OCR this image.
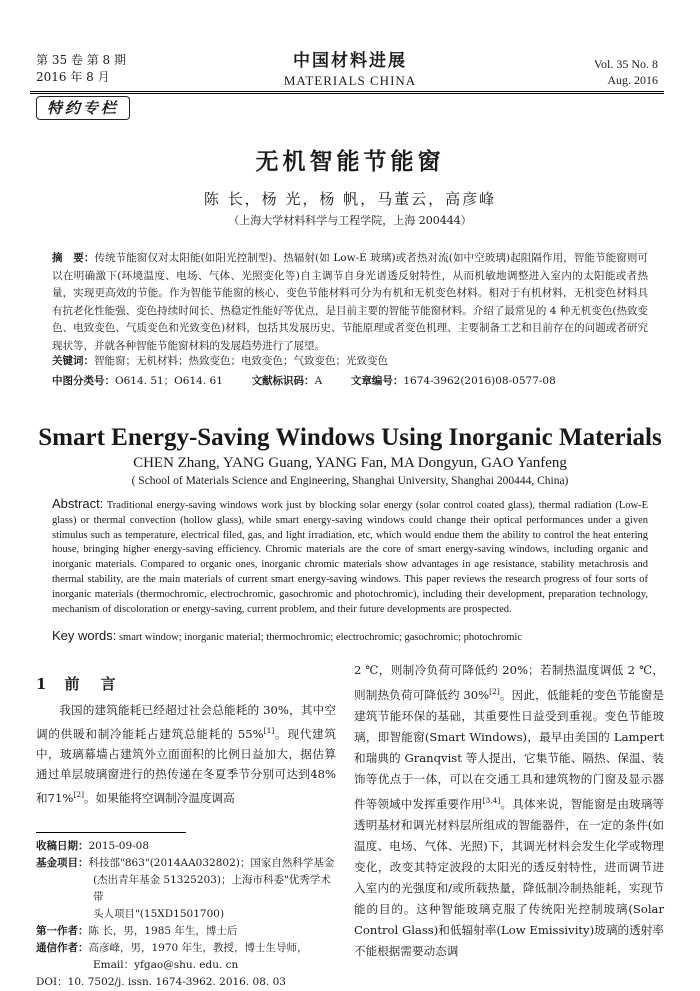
第 35 卷 第 8 期
2016 年 8 月
中国材料进展
MATERIALS CHINA
Vol. 35 No. 8
Aug. 2016
特约专栏
无机智能节能窗
陈 长，杨 光，杨 帆，马董云，高彦峰
（上海大学材料科学与工程学院，上海 200444）
摘　要：传统节能窗仅对太阳能(如阳光控制型)、热辐射(如 Low-E 玻璃)或者热对流(如中空玻璃)起阻隔作用，智能节能窗则可以在明确激下(环境温度、电场、气体、光照变化等)自主调节自身光谱透反射特性，从而机敏地调整进入室内的太阳能或者热量，实现更高效的节能。作为智能节能窗的核心，变色节能材料可分为有机和无机变色材料。相对于有机材料，无机变色材料具有抗老化性能强、变色持续时间长、热稳定性能好等优点，是目前主要的智能节能窗材料。介绍了最常见的 4 种无机变色(热致变色、电致变色、气质变色和光致变色)材料，包括其发展历史、节能原理或者变色机理、主要制备工艺和目前存在的问题或者研究现状等，并就各种智能节能窗材料的发展趋势进行了展望。
关键词：智能窗；无机材料；热致变色；电致变色；气致变色；光致变色
中图分类号：O614. 51；O614. 61	文献标识码：A	文章编号：1674-3962(2016)08-0577-08
Smart Energy-Saving Windows Using Inorganic Materials
CHEN Zhang, YANG Guang, YANG Fan, MA Dongyun, GAO Yanfeng
( School of Materials Science and Engineering, Shanghai University, Shanghai 200444, China)
Abstract: Traditional energy-saving windows work just by blocking solar energy (solar control coated glass), thermal radiation (Low-E glass) or thermal convection (hollow glass), while smart energy-saving windows could change their optical performances under a given stimulus such as temperature, electrical filed, gas, and light irradiation, etc, which would endue them the ability to control the heat entering house, bringing higher energy-saving efficiency. Chromic materials are the core of smart energy-saving windows, including organic and inorganic materials. Compared to organic ones, inorganic chromic materials show advantages in age resistance, stability metachrosis and thermal stability, are the main materials of current smart energy-saving windows. This paper reviews the research progress of four sorts of inorganic materials (thermochromic, electrochromic, gasochromic and photochromic), including their development, preparation technology, mechanism of discoloration or energy-saving, current problem, and their future developments are prospected.
Key words: smart window; inorganic material; thermochromic; electrochromic; gasochromic; photochromic
1 前 言
我国的建筑能耗已经超过社会总能耗的 30%，其中空调的供暖和制冷能耗占建筑总能耗的 55%[1]。现代建筑中，玻璃幕墙占建筑外立面面积的比例日益加大，据估算通过单层玻璃窗进行的热传递在冬夏季节分别可达到48%和71%[2]。如果能将空调制冷温度调高
收稿日期： 2015-09-08
基金项目： 科技部"863"(2014AA032802)；国家自然科学基金
(杰出青年基金 51325203)；上海市科委"优秀学术带
头人项目"(15XD1501700)
第一作者： 陈 长，男，1985 年生，博士后
通信作者： 高彦峰，男，1970 年生，教授，博士生导师，
Email：yfgao@shu. edu. cn
DOI：10. 7502/j. issn. 1674-3962. 2016. 08. 03
2 ℃，则制冷负荷可降低约 20%；若制热温度调低 2 ℃，则制热负荷可降低约 30%[2]。因此，低能耗的变色节能窗是建筑节能环保的基础，其重要性日益受到重视。变色节能玻璃，即智能窗(Smart Windows)，最早由美国的 Lampert 和瑞典的 Granqvist 等人提出，它集节能、隔热、保温、装饰等优点于一体，可以在交通工具和建筑物的门窗及显示器件等领域中发挥重要作用[3,4]。具体来说，智能窗是由玻璃等透明基材和调光材料层所组成的智能器件，在一定的条件(如温度、电场、气体、光照)下，其调光材料会发生化学或物理变化，改变其特定波段的太阳光的透反射特性，进而调节进入室内的光强度和/或所载热量，降低制冷制热能耗，实现节能的目的。这种智能玻璃克服了传统阳光控制玻璃(Solar Control Glass)和低辐射率(Low Emissivity)玻璃的透射率不能根据需要动态调
